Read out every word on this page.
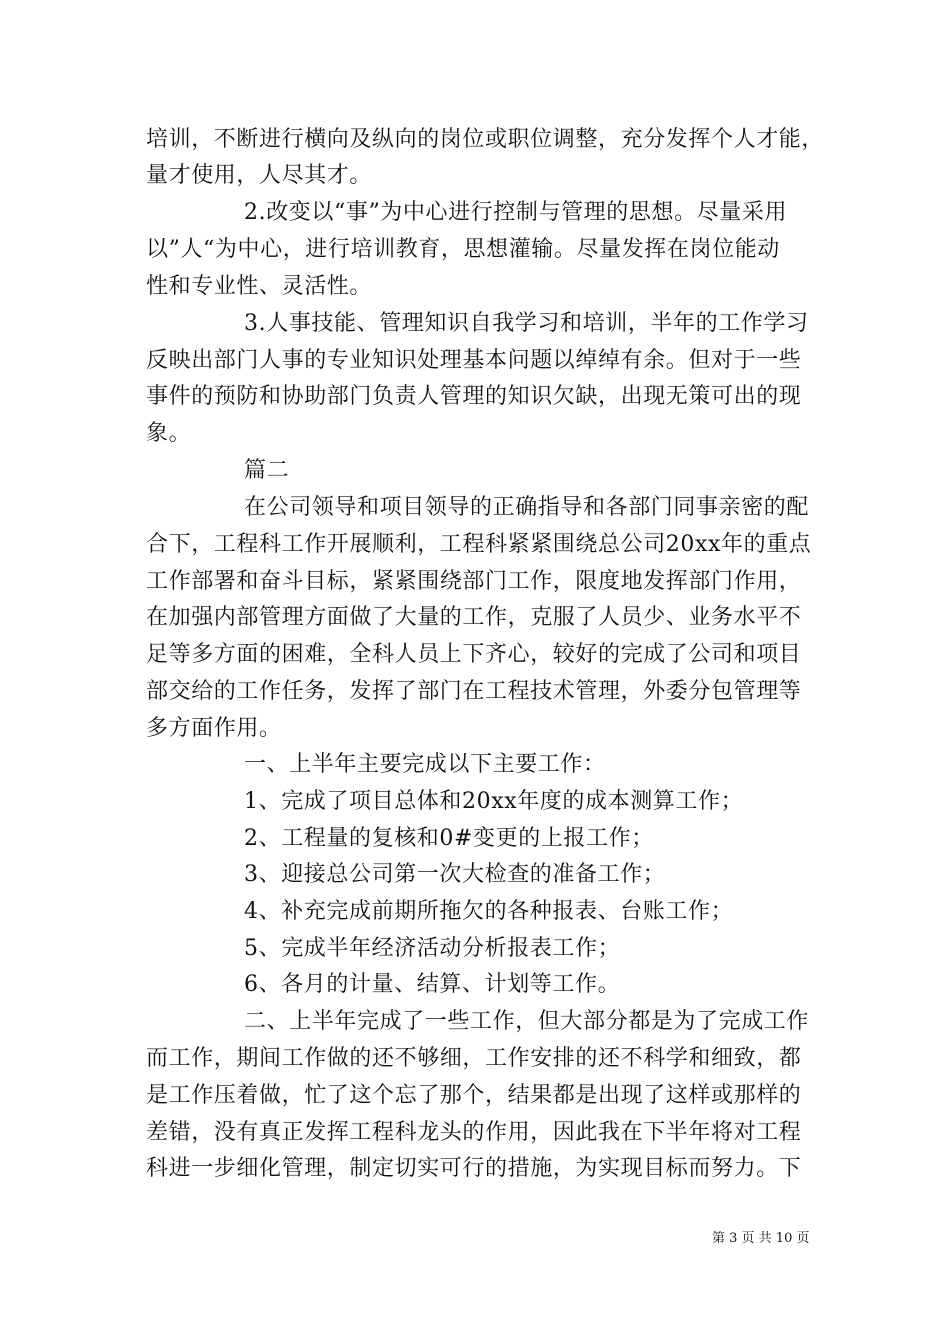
培训，不断进行横向及纵向的岗位或职位调整，充分发挥个人才能，
量才使用，人尽其才。
2.改变以“事”为中心进行控制与管理的思想。尽量采用
以”人“为中心，进行培训教育，思想灌输。尽量发挥在岗位能动
性和专业性、灵活性。
3.人事技能、管理知识自我学习和培训，半年的工作学习
反映出部门人事的专业知识处理基本问题以绰绰有余。但对于一些
事件的预防和协助部门负责人管理的知识欠缺，出现无策可出的现
象。
篇二
在公司领导和项目领导的正确指导和各部门同事亲密的配
合下，工程科工作开展顺利，工程科紧紧围绕总公司20xx年的重点
工作部署和奋斗目标，紧紧围绕部门工作，限度地发挥部门作用，
在加强内部管理方面做了大量的工作，克服了人员少、业务水平不
足等多方面的困难，全科人员上下齐心，较好的完成了公司和项目
部交给的工作任务，发挥了部门在工程技术管理，外委分包管理等
多方面作用。
一、上半年主要完成以下主要工作：
1、完成了项目总体和20xx年度的成本测算工作；
2、工程量的复核和0#变更的上报工作；
3、迎接总公司第一次大检查的准备工作；
4、补充完成前期所拖欠的各种报表、台账工作；
5、完成半年经济活动分析报表工作；
6、各月的计量、结算、计划等工作。
二、上半年完成了一些工作，但大部分都是为了完成工作
而工作，期间工作做的还不够细，工作安排的还不科学和细致，都
是工作压着做，忙了这个忘了那个，结果都是出现了这样或那样的
差错，没有真正发挥工程科龙头的作用，因此我在下半年将对工程
科进一步细化管理，制定切实可行的措施，为实现目标而努力。下
第 3 页 共 10 页
